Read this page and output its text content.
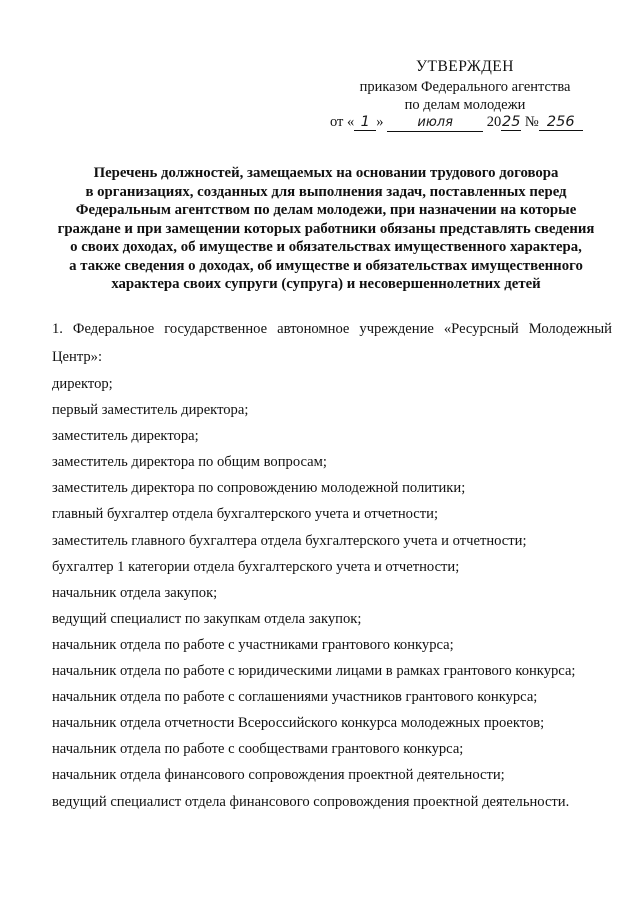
УТВЕРЖДЕН
приказом Федерального агентства
по делам молодежи
от « 1 »	июля 2025 № 256
Перечень должностей, замещаемых на основании трудового договора
в организациях, созданных для выполнения задач, поставленных перед
Федеральным агентством по делам молодежи, при назначении на которые
граждане и при замещении которых работники обязаны представлять сведения
о своих доходах, об имуществе и обязательствах имущественного характера,
а также сведения о доходах, об имуществе и обязательствах имущественного
характера своих супруги (супруга) и несовершеннолетних детей
1. Федеральное государственное автономное учреждение «Ресурсный Молодежный
Центр»:
директор;
первый заместитель директора;
заместитель директора;
заместитель директора по общим вопросам;
заместитель директора по сопровождению молодежной политики;
главный бухгалтер отдела бухгалтерского учета и отчетности;
заместитель главного бухгалтера отдела бухгалтерского учета и отчетности;
бухгалтер 1 категории отдела бухгалтерского учета и отчетности;
начальник отдела закупок;
ведущий специалист по закупкам отдела закупок;
начальник отдела по работе с участниками грантового конкурса;
начальник отдела по работе с юридическими лицами в рамках грантового конкурса;
начальник отдела по работе с соглашениями участников грантового конкурса;
начальник отдела отчетности Всероссийского конкурса молодежных проектов;
начальник отдела по работе с сообществами грантового конкурса;
начальник отдела финансового сопровождения проектной деятельности;
ведущий специалист отдела финансового сопровождения проектной деятельности.
